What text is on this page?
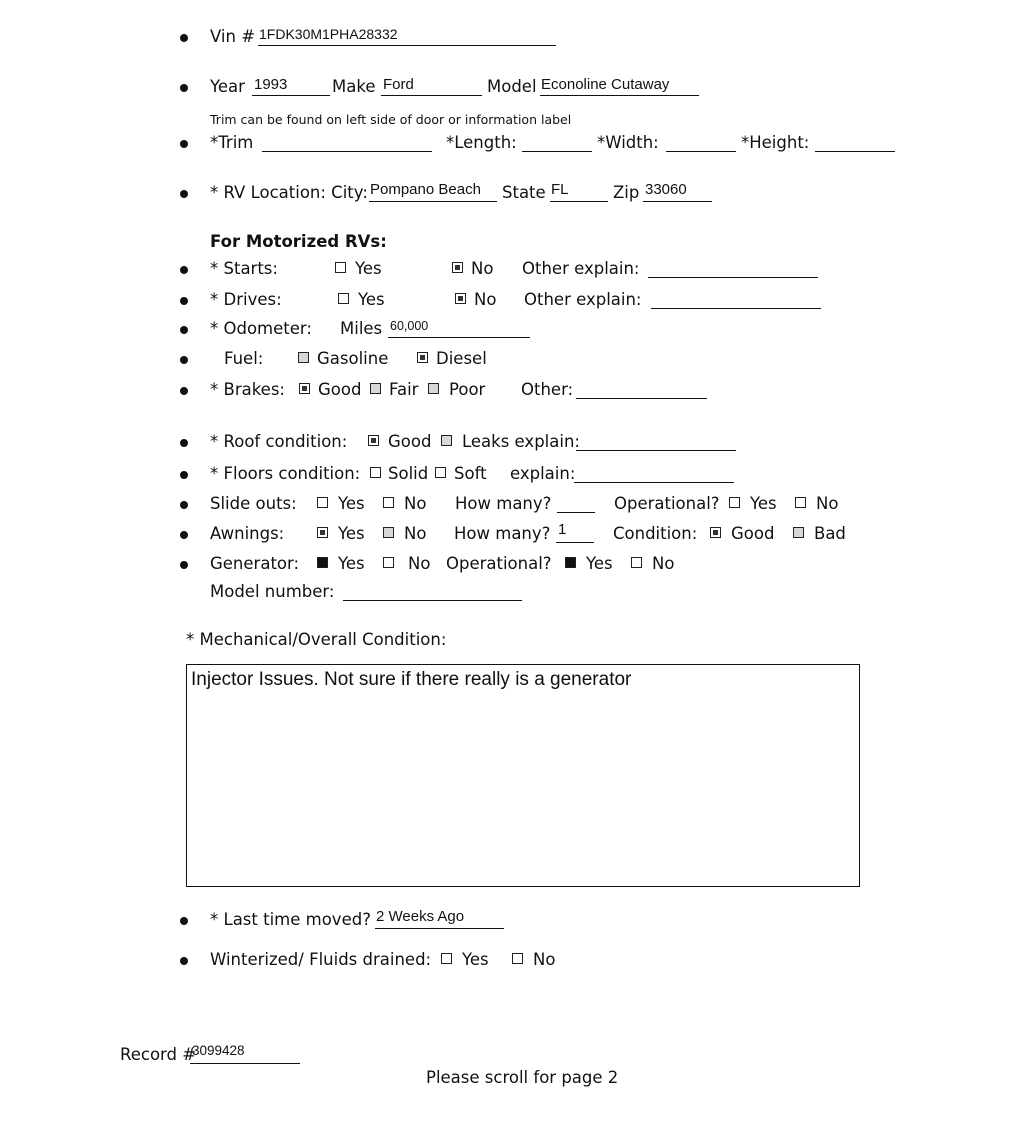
Vin # 1FDK30M1PHA28332
Year 1993	Make Ford	Model Econoline Cutaway
Trim can be found on left side of door or information label
*Trim	*Length:	*Width:	*Height:
* RV Location: City: Pompano Beach State FL	Zip 33060
For Motorized RVs:
* Starts:	Yes	No Other explain:
* Drives:	Yes	No Other explain:
* Odometer: Miles 60,000
Fuel:	Gasoline	Diesel
* Brakes: Good Fair Poor Other:
* Roof condition: Good Leaks explain:
* Floors condition: Solid Soft explain:
Slide outs:	Yes No How many?	Operational? Yes No
Awnings:	Yes No How many? 1	Condition: Good Bad
Generator: Yes	No Operational? Yes No
Model number:
* Mechanical/Overall Condition:
Injector Issues. Not sure if there really is a generator
* Last time moved? 2 Weeks Ago
Winterized/ Fluids drained: Yes	No
Record #
3099428
Please scroll for page 2
